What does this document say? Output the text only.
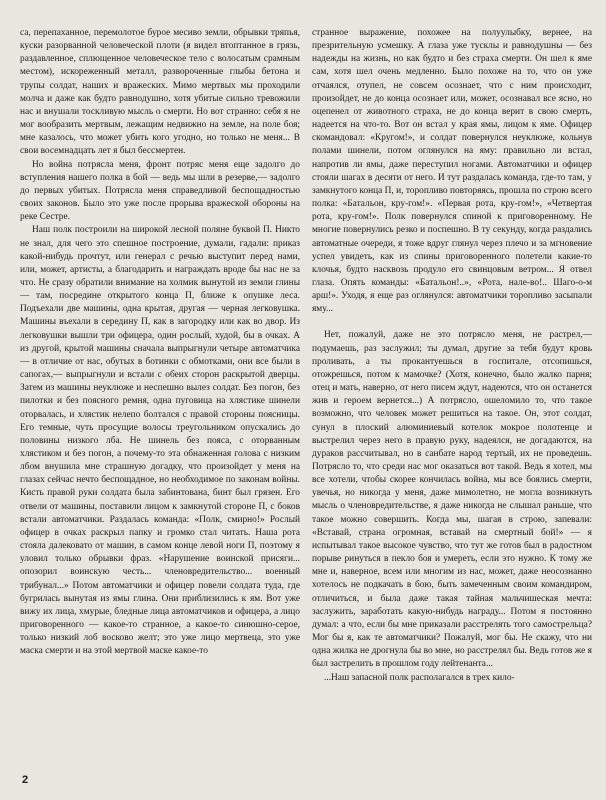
са, перепаханное, перемолотое бурое месиво земли, обрывки тряпья, куски разорванной человеческой плоти (я видел втоптанное в грязь, раздавленное, сплющенное человеческое тело с волосатым срамным местом), искореженный металл, развороченные глыбы бетона и трупы солдат, наших и вражеских. Мимо мертвых мы проходили молча и даже как будто равнодушно, хотя убитые сильно тревожили нас и внушали тоскливую мысль о смерти. Но вот странно: себя я не мог вообразить мертвым, лежащим недвижно на земле, на поле боя; мне казалось, что может убить кого угодно, но только не меня... В свои восемнадцать лет я был бессмертен.

Но война потрясла меня, фронт потряс меня еще задолго до вступления нашего полка в бой — ведь мы шли в резерве,— задолго до первых убитых. Потрясла меня справедливой беспощадностью своих законов. Было это уже после прорыва вражеской обороны на реке Сестре.

Наш полк построили на широкой лесной поляне буквой П. Никто не знал, для чего это спешное построение, думали, гадали: приказ какой-нибудь прочтут, или генерал с речью выступит перед нами, или, может, артисты, а благодарить и награждать вроде бы нас не за что. Не сразу обратили внимание на холмик вынутой из земли глины — там, посредине открытого конца П, ближе к опушке леса. Подъехали две машины, одна крытая, другая — черная легковушка. Машины въехали в середину П, как в загородку или как во двор. Из легковушки вышли три офицера, один рослый, худой, бы в очках. А из другой, крытой машины сначала выпрыгнули четыре автоматчика — в отличие от нас, обутых в ботинки с обмотками, они все были в сапогах,— выпрыгнули и встали с обеих сторон раскрытой дверцы. Затем из машины неуклюже и неспешно вылез солдат. Без погон, без пилотки и без поясного ремня, одна пуговица на хлястике шинели оторвалась, и хлястик нелепо болтался с правой стороны поясницы. Его темные, чуть просущие волосы треугольником опускались до половины низкого лба. Не шинель без пояса, с оторванным хлястиком и без погон, а почему-то эта обнаженная голова с низким лбом внушила мне страшную догадку, что произойдет у меня на глазах сейчас нечто беспощадное, но необходимое по законам войны. Кисть правой руки солдата была забинтована, бинт был грязен. Его отвели от машины, поставили лицом к замкнутой стороне П, с боков встали автоматчики. Раздалась команда: «Полк, смирно!» Рослый офицер в очках раскрыл папку и громко стал читать. Наша рота стояла далековато от машин, в самом конце левой ноги П, поэтому я уловил только обрывки фраз. «Нарушение воинской присяги... опозорил воинскую честь... членовредительство... военный трибунал...» Потом автоматчики и офицер повели солдата туда, где бугрилась вынутая из ямы глина. Они приблизились к ям. Вот уже вижу их лица, хмурые, бледные лица автоматчиков и офицера, а лицо приговоренного — какое-то странное, а какое-то синюшно-серое, только низкий лоб восково желт; это уже лицо мертвеца, это уже маска смерти и на этой мертвой маске какое-то

странное выражение, похожее на полуулыбку, вернее, на презрительную усмешку. А глаза уже тусклы и равнодушны — без надежды на жизнь, но как будто и без страха смерти. Он шел к яме сам, хотя шел очень медленно. Было похоже на то, что он уже отчаялся, отупел, не совсем осознает, что с ним происходит, произойдет, не до конца осознает или, может, осознавал все ясно, но оцепенел от животного страха, не до конца верит в свою смерть, надеется на что-то. Вот он встал у края ямы, лицом к яме. Офицер скомандовал: «Кругом!», и солдат повернулся неуклюже, кольнув полами шинели, потом оглянулся на яму: правильно ли встал, напротив ли ямы, даже переступил ногами. Автоматчики и офицер стояли шагах в десяти от него. И тут раздалась команда, где-то там, у замкнутого конца П, и, торопливо повторяясь, прошла по строю всего полка: «Батальон, кру-гом!». «Первая рота, кру-гом!», «Четвертая рота, кру-гом!». Полк повернулся спиной к приговоренному. Не многие повернулись резко и поспешно. В ту секунду, когда раздались автоматные очереди, я тоже вдруг глянул через плечо и за мгновение успел увидеть, как из спины приговоренного полетели какие-то клочья, будто насквозь продуло его свинцовым ветром... Я отвел глаза. Опять команды: «Батальон!..», «Рота, нале-во!.. Шаго-о-м арш!». Уходя, я еще раз оглянулся: автоматчики торопливо засыпали яму...

Нет, пожалуй, даже не это потрясло меня, не растрел,— подумаешь, раз заслужил; ты думал, другие за тебя будут кровь проливать, а ты прокантуешься в госпитале, отсопишься, отожрешься, потом к мамочке? (Хотя, конечно, было жалко парня; отец и мать, наверно, от него писем ждут, надеются, что он останется жив и героем вернется...) А потрясло, ошеломило то, что такое возможно, что человек может решиться на такое. Он, этот солдат, сунул в плоский алюминиевый котелок мокрое полотенце и выстрелил через него в правую руку, надеялся, не догадаются, на дураков рассчитывал, но в санбате народ тертый, их не проведешь. Потрясло то, что среди нас мог оказаться вот такой. Ведь я хотел, мы все хотели, чтобы скорее кончилась война, мы все боялись смерти, увечья, но никогда у меня, даже мимолетно, не могла возникнуть мысль о членовредительстве, я даже никогда не слышал раньше, что такое можно совершить. Когда мы, шагая в строю, запевали: «Вставай, страна огромная, вставай на смертный бой!» — я испытывал такое высокое чувство, что тут же готов был в радостном порыве ринуться в пекло боя и умереть, если это нужно. К тому же мне и, наверное, всем или многим из нас, может, даже неосознанно хотелось не подкачать в бою, быть замеченным своим командиром, отличиться, и была даже такая тайная мальчишеская мечта: заслужить, заработать какую-нибудь награду... Потом я постоянно думал: а что, если бы мне приказали расстрелять того самострельца? Мог бы я, как те автоматчики? Пожалуй, мог бы. Не скажу, что ни одна жилка не дрогнула бы во мне, но расстрелял бы. Ведь готов же я был застрелить в прошлом году лейтенанта...

...Наш запасной полк располагался в трех кило-

2
